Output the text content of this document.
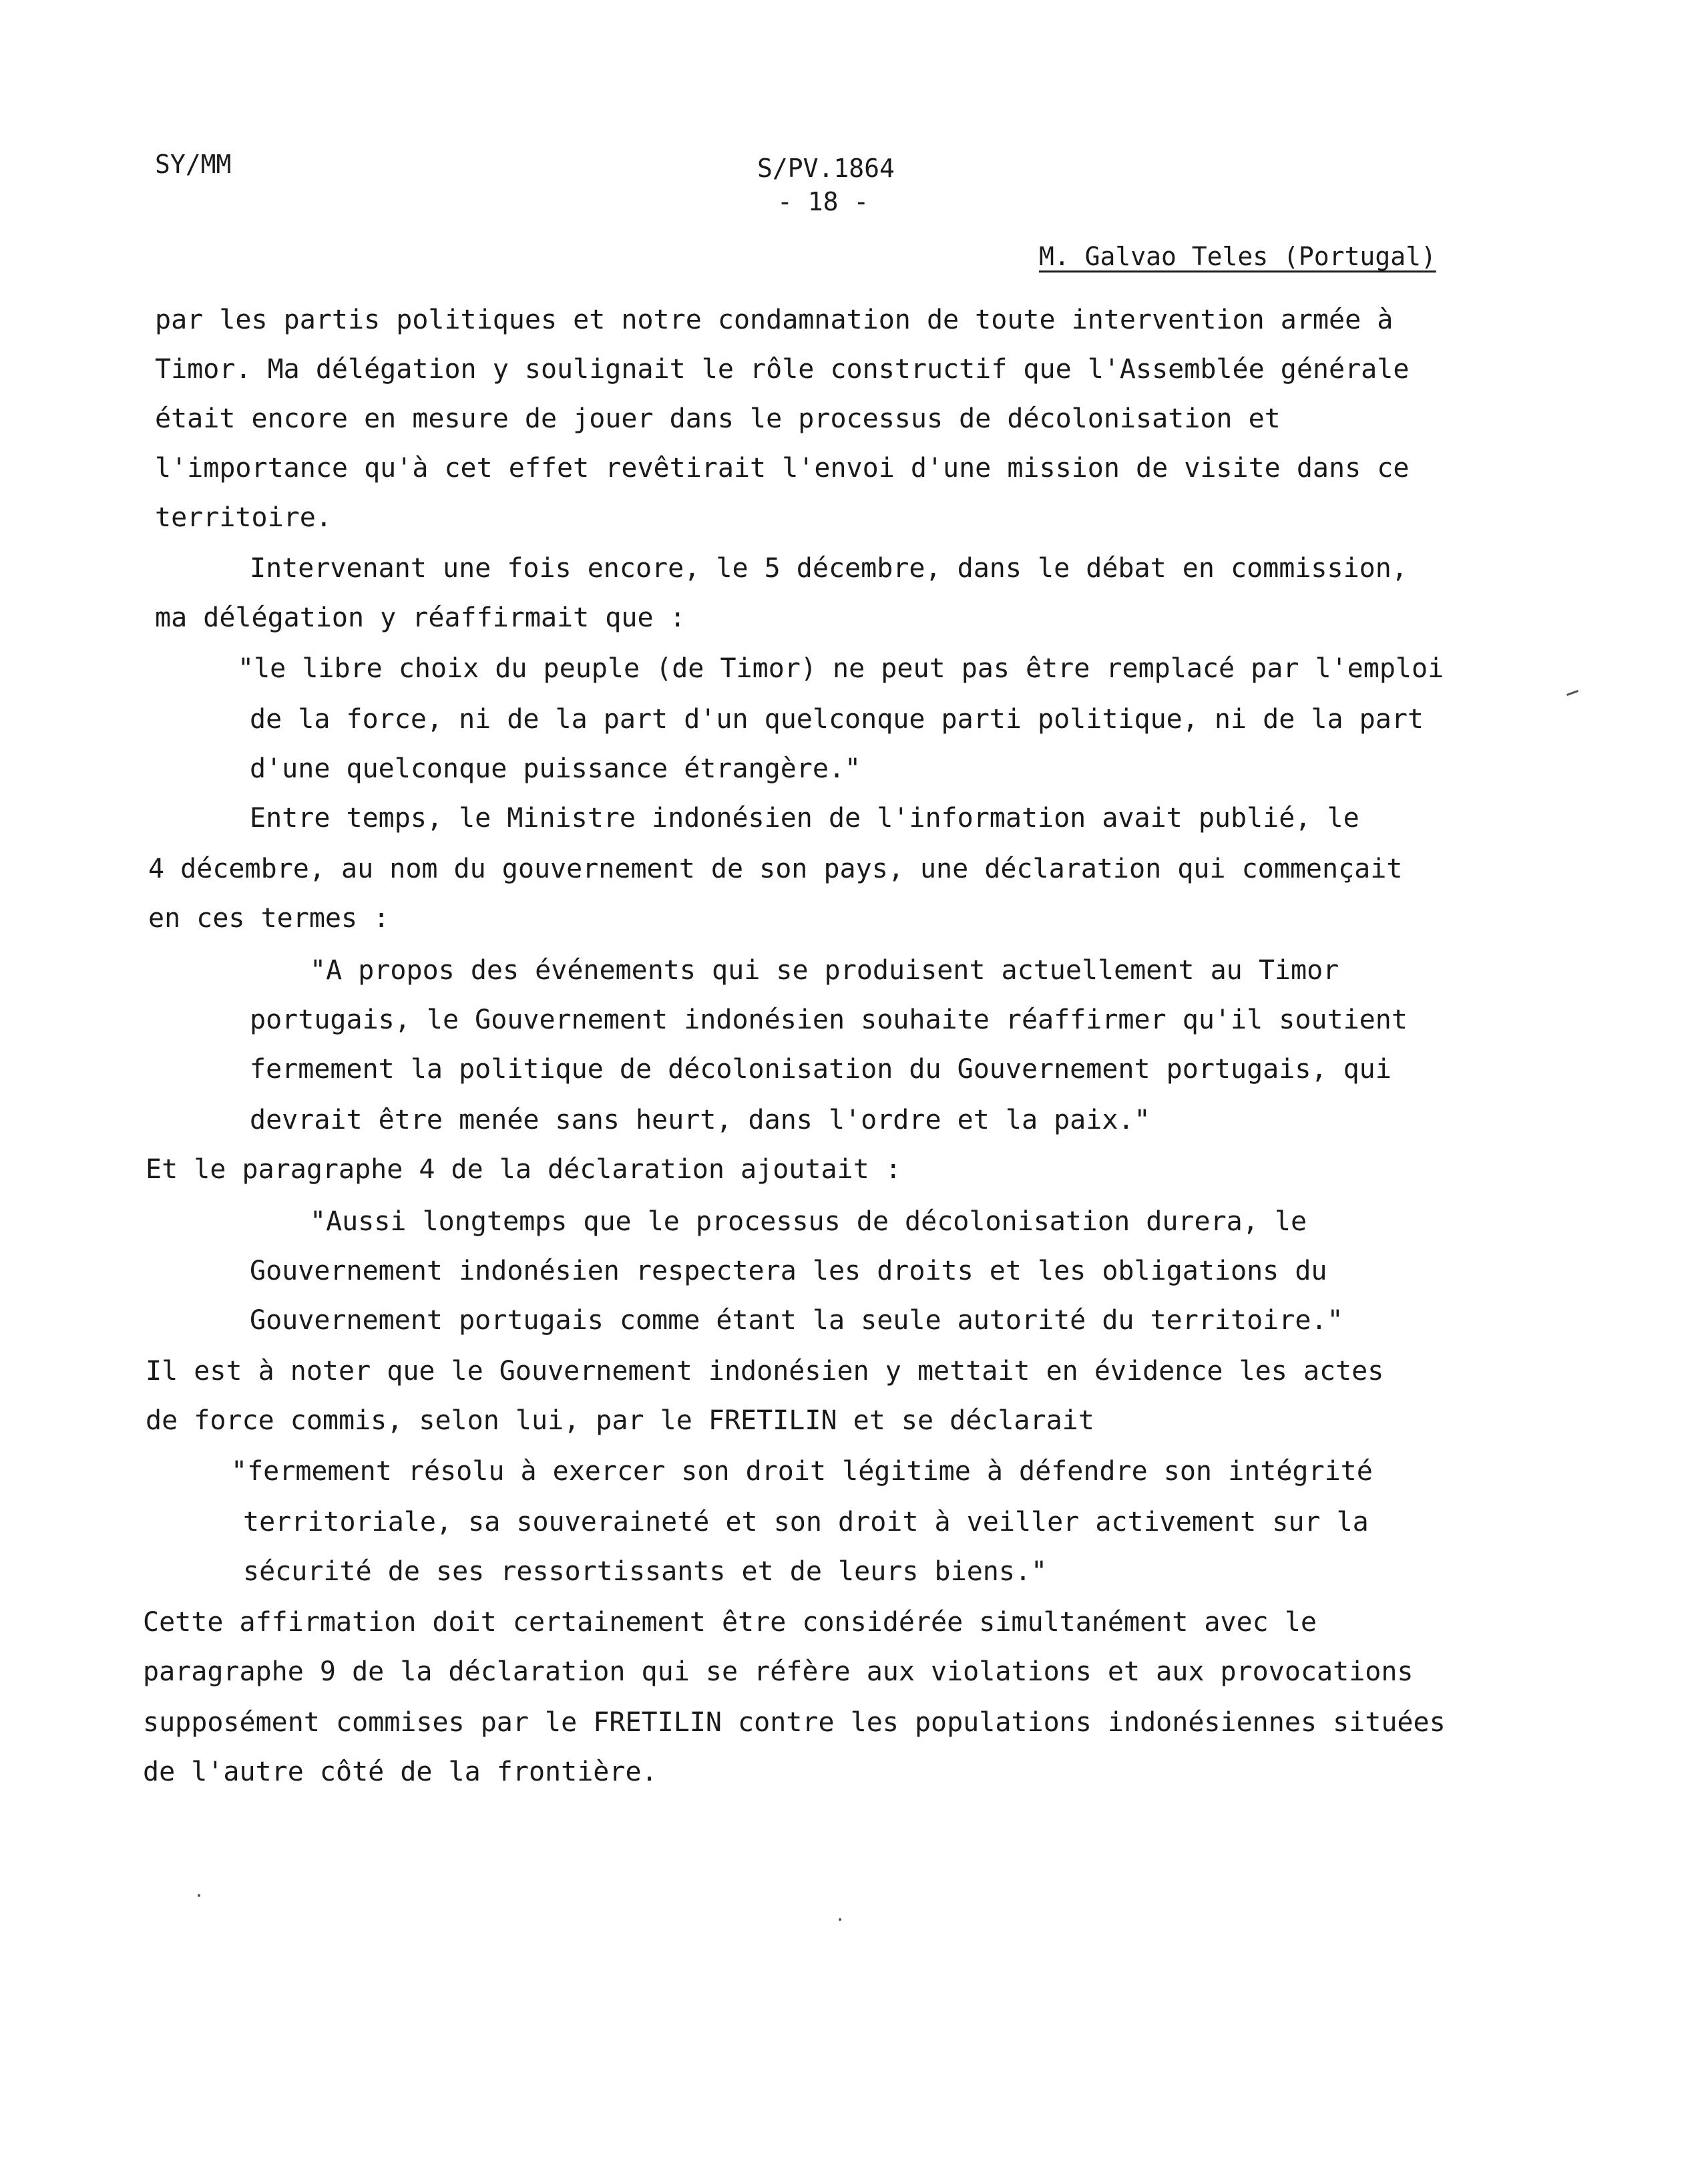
SY/MM	S/PV.1864
- 18 -
M. Galvao Teles (Portugal)
par les partis politiques et notre condamnation de toute intervention armée à
Timor. Ma délégation y soulignait le rôle constructif que l'Assemblée générale
était encore en mesure de jouer dans le processus de décolonisation et
l'importance qu'à cet effet revêtirait l'envoi d'une mission de visite dans ce
territoire.
Intervenant une fois encore, le 5 décembre, dans le débat en commission,
ma délégation y réaffirmait que :
"le libre choix du peuple (de Timor) ne peut pas être remplacé par l'emploi
de la force, ni de la part d'un quelconque parti politique, ni de la part
d'une quelconque puissance étrangère."
Entre temps, le Ministre indonésien de l'information avait publié, le
4 décembre, au nom du gouvernement de son pays, une déclaration qui commençait
en ces termes :
"A propos des événements qui se produisent actuellement au Timor
portugais, le Gouvernement indonésien souhaite réaffirmer qu'il soutient
fermement la politique de décolonisation du Gouvernement portugais, qui
devrait être menée sans heurt, dans l'ordre et la paix."
Et le paragraphe 4 de la déclaration ajoutait :
"Aussi longtemps que le processus de décolonisation durera, le
Gouvernement indonésien respectera les droits et les obligations du
Gouvernement portugais comme étant la seule autorité du territoire."
Il est à noter que le Gouvernement indonésien y mettait en évidence les actes
de force commis, selon lui, par le FRETILIN et se déclarait
"fermement résolu à exercer son droit légitime à défendre son intégrité
territoriale, sa souveraineté et son droit à veiller activement sur la
sécurité de ses ressortissants et de leurs biens."
Cette affirmation doit certainement être considérée simultanément avec le
paragraphe 9 de la déclaration qui se réfère aux violations et aux provocations
supposément commises par le FRETILIN contre les populations indonésiennes situées
de l'autre côté de la frontière.
